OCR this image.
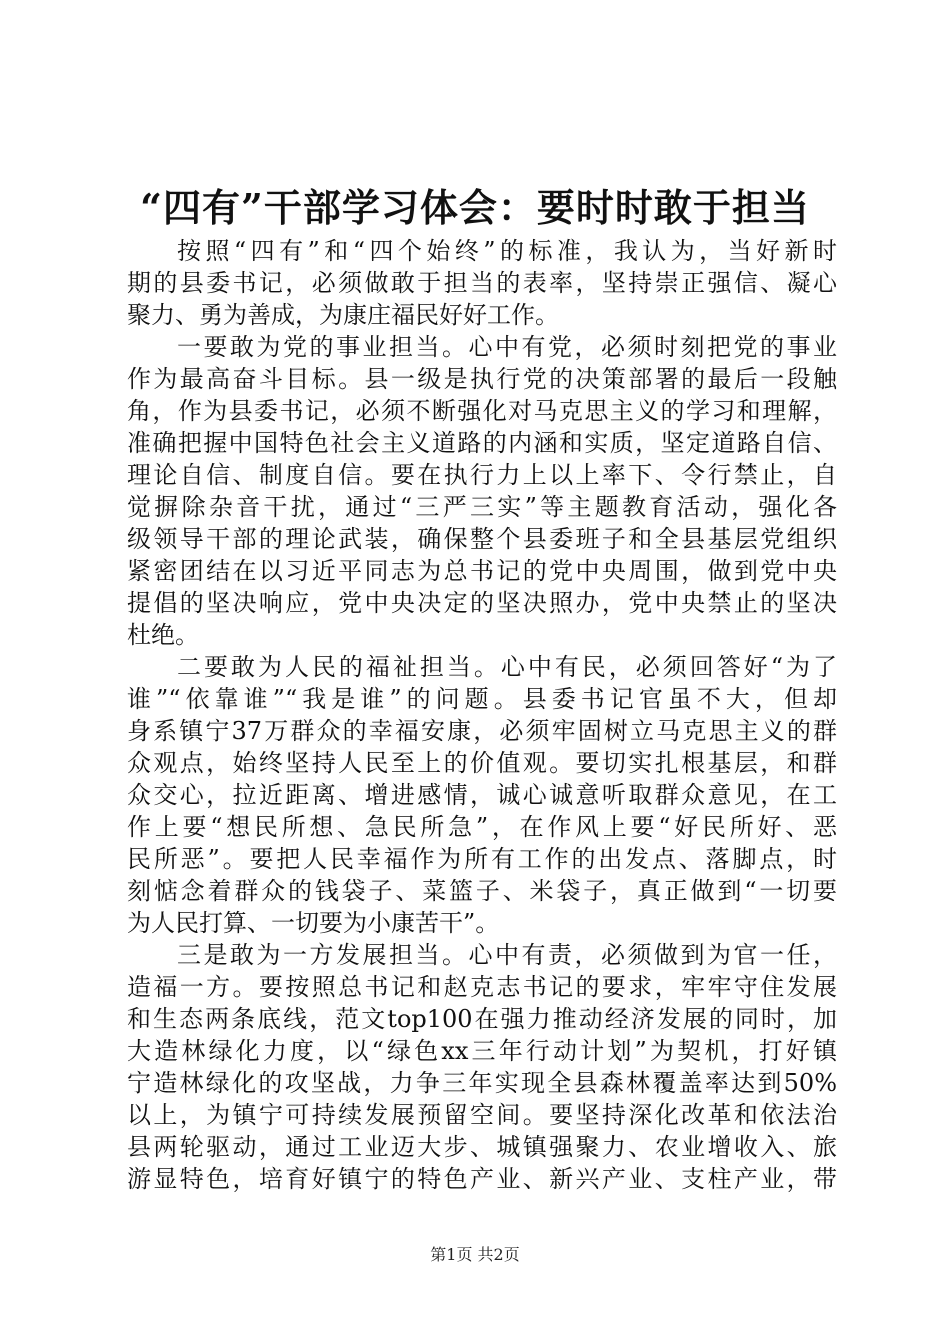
“四有”干部学习体会：要时时敢于担当
按照“四有”和“四个始终”的标准，我认为，当好新时
期的县委书记，必须做敢于担当的表率，坚持崇正强信、凝心
聚力、勇为善成，为康庄福民好好工作。
一要敢为党的事业担当。心中有党，必须时刻把党的事业
作为最高奋斗目标。县一级是执行党的决策部署的最后一段触
角，作为县委书记，必须不断强化对马克思主义的学习和理解，
准确把握中国特色社会主义道路的内涵和实质，坚定道路自信、
理论自信、制度自信。要在执行力上以上率下、令行禁止，自
觉摒除杂音干扰，通过“三严三实”等主题教育活动，强化各
级领导干部的理论武装，确保整个县委班子和全县基层党组织
紧密团结在以习近平同志为总书记的党中央周围，做到党中央
提倡的坚决响应，党中央决定的坚决照办，党中央禁止的坚决
杜绝。
二要敢为人民的福祉担当。心中有民，必须回答好“为了
谁”“依靠谁”“我是谁”的问题。县委书记官虽不大，但却
身系镇宁37万群众的幸福安康，必须牢固树立马克思主义的群
众观点，始终坚持人民至上的价值观。要切实扎根基层，和群
众交心，拉近距离、增进感情，诚心诚意听取群众意见，在工
作上要“想民所想、急民所急”，在作风上要“好民所好、恶
民所恶”。要把人民幸福作为所有工作的出发点、落脚点，时
刻惦念着群众的钱袋子、菜篮子、米袋子，真正做到“一切要
为人民打算、一切要为小康苦干”。
三是敢为一方发展担当。心中有责，必须做到为官一任，
造福一方。要按照总书记和赵克志书记的要求，牢牢守住发展
和生态两条底线，范文top100在强力推动经济发展的同时，加
大造林绿化力度，以“绿色xx三年行动计划”为契机，打好镇
宁造林绿化的攻坚战，力争三年实现全县森林覆盖率达到50%
以上，为镇宁可持续发展预留空间。要坚持深化改革和依法治
县两轮驱动，通过工业迈大步、城镇强聚力、农业增收入、旅
游显特色，培育好镇宁的特色产业、新兴产业、支柱产业，带
第1页 共2页
